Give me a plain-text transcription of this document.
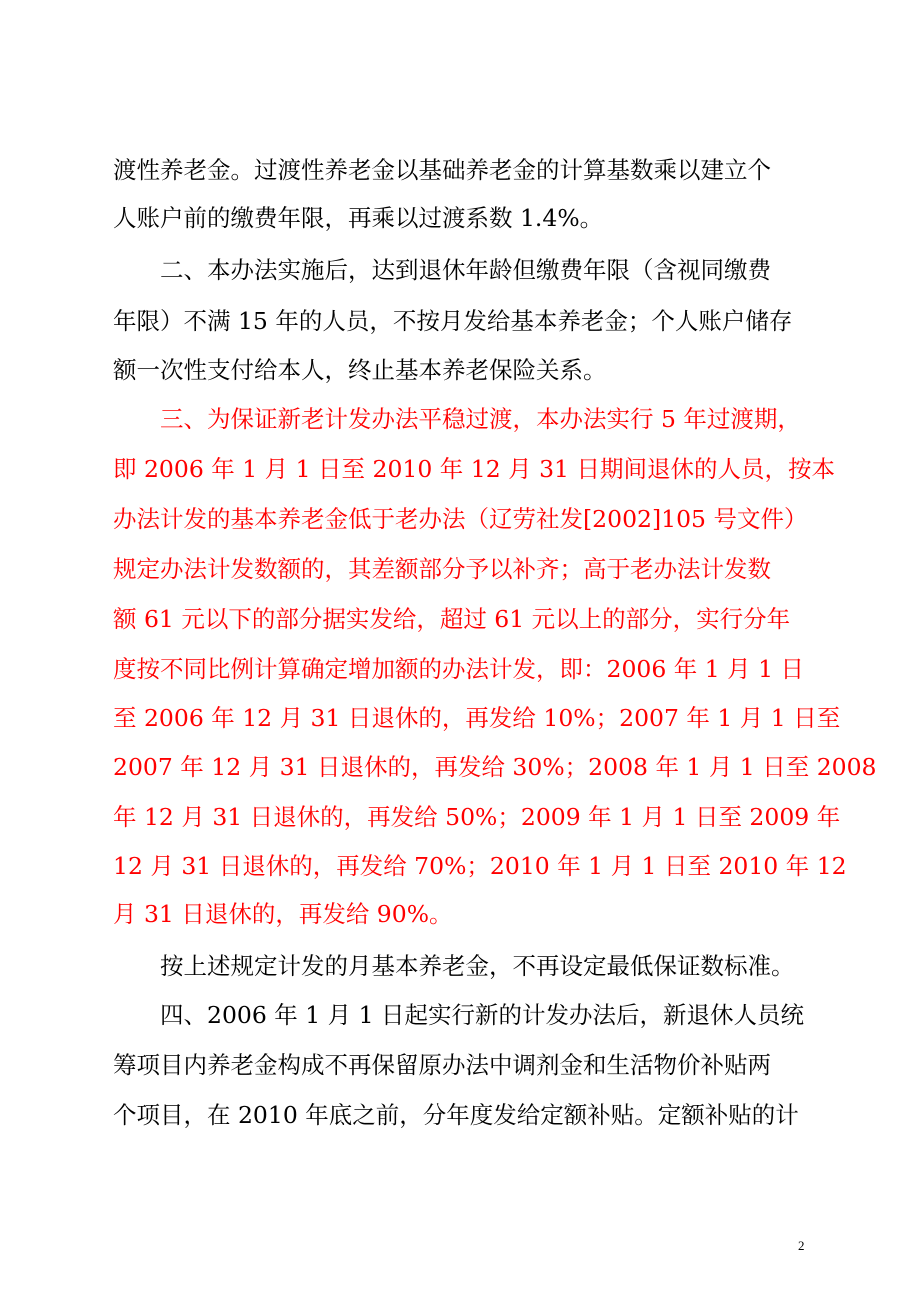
渡性养老金。过渡性养老金以基础养老金的计算基数乘以建立个
人账户前的缴费年限，再乘以过渡系数 1.4%。
二、本办法实施后，达到退休年龄但缴费年限（含视同缴费
年限）不满 15 年的人员，不按月发给基本养老金；个人账户储存
额一次性支付给本人，终止基本养老保险关系。
三、为保证新老计发办法平稳过渡，本办法实行 5 年过渡期，
即 2006 年 1 月 1 日至 2010 年 12 月 31 日期间退休的人员，按本
办法计发的基本养老金低于老办法（辽劳社发[2002]105 号文件）
规定办法计发数额的，其差额部分予以补齐；高于老办法计发数
额 61 元以下的部分据实发给，超过 61 元以上的部分，实行分年
度按不同比例计算确定增加额的办法计发，即：2006 年 1 月 1 日
至 2006 年 12 月 31 日退休的，再发给 10%；2007 年 1 月 1 日至
2007 年 12 月 31 日退休的，再发给 30%；2008 年 1 月 1 日至 2008
年 12 月 31 日退休的，再发给 50%；2009 年 1 月 1 日至 2009 年
12 月 31 日退休的，再发给 70%；2010 年 1 月 1 日至 2010 年 12
月 31 日退休的，再发给 90%。
按上述规定计发的月基本养老金，不再设定最低保证数标准。
四、2006 年 1 月 1 日起实行新的计发办法后，新退休人员统
筹项目内养老金构成不再保留原办法中调剂金和生活物价补贴两
个项目，在 2010 年底之前，分年度发给定额补贴。定额补贴的计
2
